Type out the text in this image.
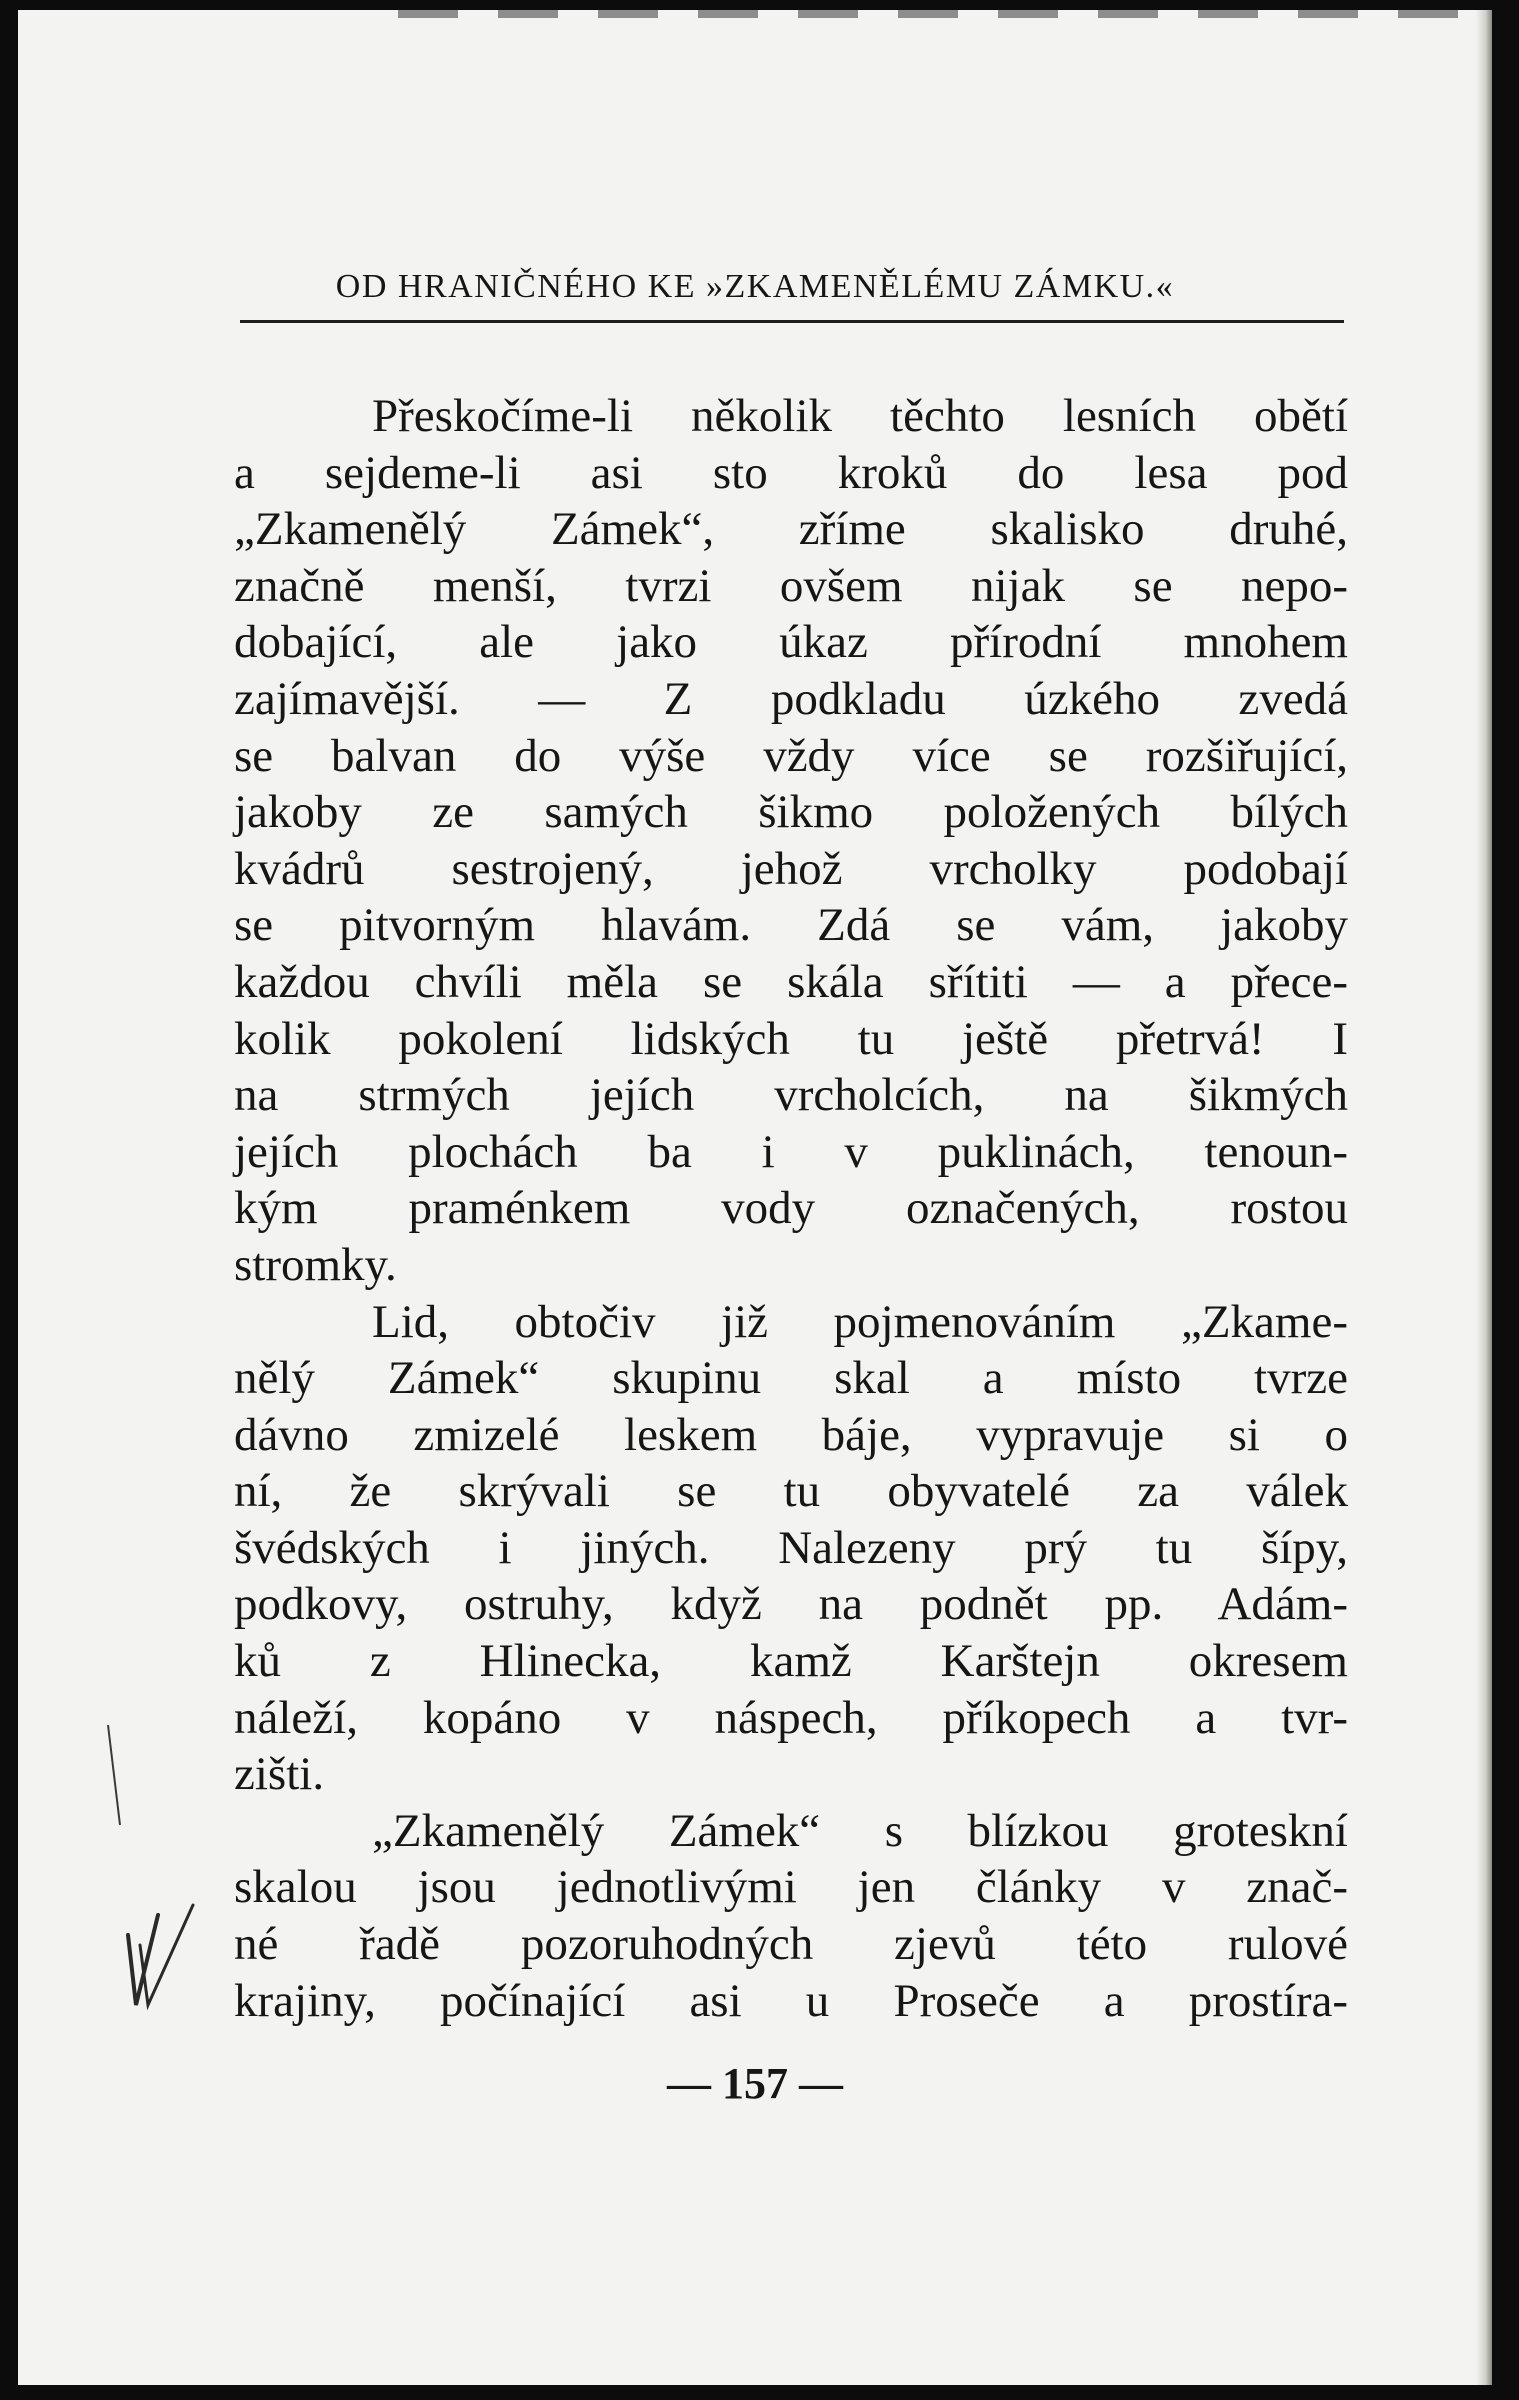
OD HRANIČNÉHO KE »ZKAMENĚLÉMU ZÁMKU.«
Přeskočíme-li několik těchto lesních obětí
a sejdeme-li asi sto kroků do lesa pod
„Zkamenělý Zámek“, zříme skalisko druhé,
značně menší, tvrzi ovšem nijak se nepo-
dobající, ale jako úkaz přírodní mnohem
zajímavější. — Z podkladu úzkého zvedá
se balvan do výše vždy více se rozšiřující,
jakoby ze samých šikmo položených bílých
kvádrů sestrojený, jehož vrcholky podobají
se pitvorným hlavám. Zdá se vám, jakoby
každou chvíli měla se skála sřítiti — a přece-
kolik pokolení lidských tu ještě přetrvá! I
na strmých jejích vrcholcích, na šikmých
jejích plochách ba i v puklinách, tenoun-
kým praménkem vody označených, rostou
stromky.
Lid, obtočiv již pojmenováním „Zkame-
nělý Zámek“ skupinu skal a místo tvrze
dávno zmizelé leskem báje, vypravuje si o
ní, že skrývali se tu obyvatelé za válek
švédských i jiných. Nalezeny prý tu šípy,
podkovy, ostruhy, když na podnět pp. Adám-
ků z Hlinecka, kamž Karštejn okresem
náleží, kopáno v náspech, příkopech a tvr-
zišti.
„Zkamenělý Zámek“ s blízkou groteskní
skalou jsou jednotlivými jen články v znač-
né řadě pozoruhodných zjevů této rulové
krajiny, počínající asi u Proseče a prostíra-
— 157 —
